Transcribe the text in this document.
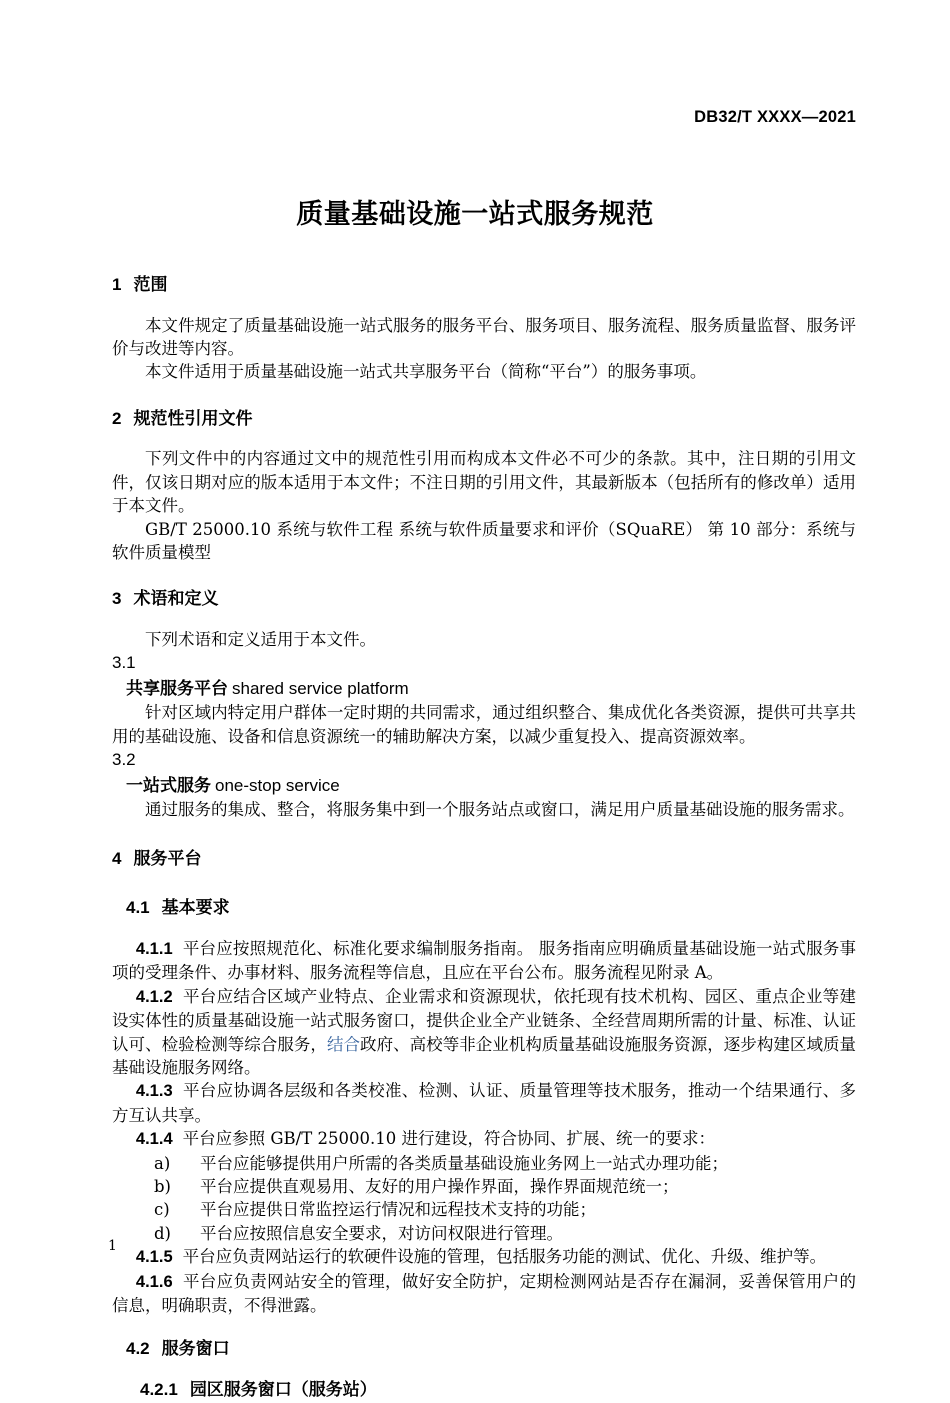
DB32/T XXXX—2021
质量基础设施一站式服务规范
1 范围

本文件规定了质量基础设施一站式服务的服务平台、服务项目、服务流程、服务质量监督、服务评价与改进等内容。

本文件适用于质量基础设施一站式共享服务平台（简称“平台”）的服务事项。

2 规范性引用文件

下列文件中的内容通过文中的规范性引用而构成本文件必不可少的条款。其中，注日期的引用文件，仅该日期对应的版本适用于本文件；不注日期的引用文件，其最新版本（包括所有的修改单）适用于本文件。

GB/T 25000.10 系统与软件工程 系统与软件质量要求和评价（SQuaRE） 第 10 部分：系统与软件质量模型

3 术语和定义

下列术语和定义适用于本文件。

3.1
共享服务平台 shared service platform

针对区域内特定用户群体一定时期的共同需求，通过组织整合、集成优化各类资源，提供可共享共用的基础设施、设备和信息资源统一的辅助解决方案，以减少重复投入、提高资源效率。

3.2
一站式服务 one-stop service

通过服务的集成、整合，将服务集中到一个服务站点或窗口，满足用户质量基础设施的服务需求。

4 服务平台
4.1 基本要求

4.1.1 平台应按照规范化、标准化要求编制服务指南。 服务指南应明确质量基础设施一站式服务事项的受理条件、办事材料、服务流程等信息，且应在平台公布。服务流程见附录 A。

4.1.2 平台应结合区域产业特点、企业需求和资源现状，依托现有技术机构、园区、重点企业等建设实体性的质量基础设施一站式服务窗口，提供企业全产业链条、全经营周期所需的计量、标准、认证认可、检验检测等综合服务，结合政府、高校等非企业机构质量基础设施服务资源，逐步构建区域质量基础设施服务网络。

4.1.3 平台应协调各层级和各类校准、检测、认证、质量管理等技术服务，推动一个结果通行、多方互认共享。

4.1.4 平台应参照 GB/T 25000.10 进行建设，符合协同、扩展、统一的要求：

a) 平台应能够提供用户所需的各类质量基础设施业务网上一站式办理功能；
b) 平台应提供直观易用、友好的用户操作界面，操作界面规范统一；
c) 平台应提供日常监控运行情况和远程技术支持的功能；
d) 平台应按照信息安全要求，对访问权限进行管理。

4.1.5 平台应负责网站运行的软硬件设施的管理，包括服务功能的测试、优化、升级、维护等。

4.1.6 平台应负责网站安全的管理，做好安全防护，定期检测网站是否存在漏洞，妥善保管用户的信息，明确职责，不得泄露。

4.2 服务窗口
4.2.1 园区服务窗口（服务站）
1
